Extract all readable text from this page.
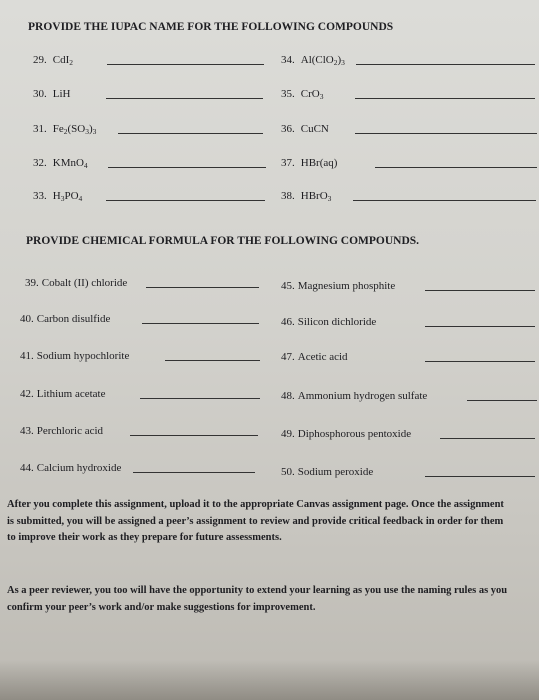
PROVIDE THE IUPAC NAME FOR THE FOLLOWING COMPOUNDS
29. CdI$_2$
30. LiH
31. $Fe_2(SO_3)_3$
32. KMnO$_4$
33. $H_3PO_4$
34. $Al(ClO_2)_3$
35. CrO$_3$
36. CuCN
37. HBr(aq)
38. HBrO$_3$
PROVIDE CHEMICAL FORMULA FOR THE FOLLOWING COMPOUNDS.
39. Cobalt (II) chloride
40. Carbon disulfide
41. Sodium hypochlorite
42. Lithium acetate
43. Perchloric acid
44. Calcium hydroxide
45. Magnesium phosphite
46. Silicon dichloride
47. Acetic acid
48. Ammonium hydrogen sulfate
49. Diphosphorous pentoxide
50. Sodium peroxide
After you complete this assignment, upload it to the appropriate Canvas assignment page. Once the assignment is submitted, you will be assigned a peer’s assignment to review and provide critical feedback in order for them to improve their work as they prepare for future assessments.
As a peer reviewer, you too will have the opportunity to extend your learning as you use the naming rules as you confirm your peer’s work and/or make suggestions for improvement.
